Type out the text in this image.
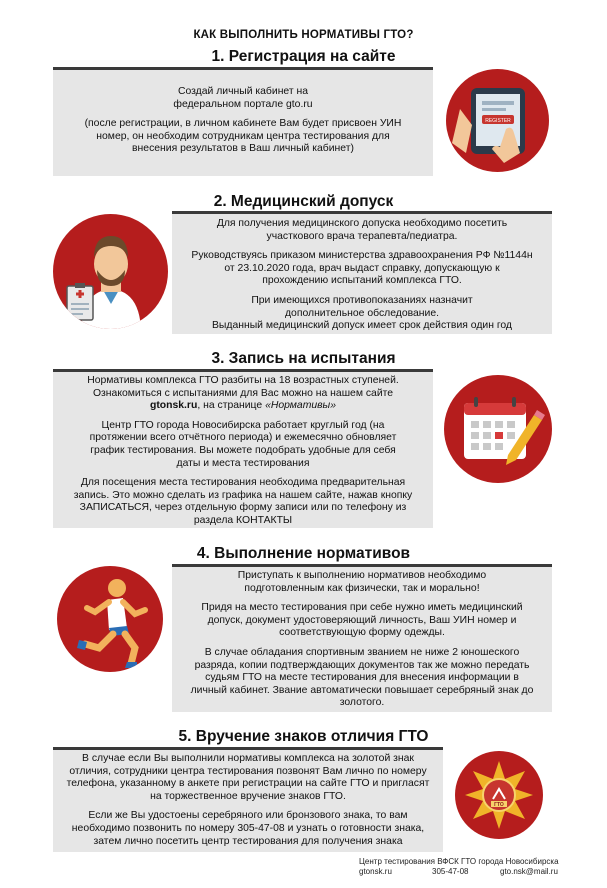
КАК ВЫПОЛНИТЬ НОРМАТИВЫ ГТО?
1. Регистрация на сайте

Создай личный кабинет на федеральном портале gto.ru

(после регистрации, в личном кабинете Вам будет присвоен УИН номер, он необходим сотрудникам центра тестирования для внесения результатов в Ваш личный кабинет)

REGISTER
2. Медицинский допуск

Для получения медицинского допуска необходимо посетить участкового врача терапевта/педиатра.

Руководствуясь приказом министерства здравоохранения РФ №1144н от 23.10.2020 года, врач выдаст справку, допускающую к прохождению испытаний комплекса ГТО.

При имеющихся противопоказаниях назначит дополнительное обследование.

Выданный медицинский допуск имеет срок действия один год

3. Запись на испытания

Нормативы комплекса ГТО разбиты на 18 возрастных ступеней. Ознакомиться с испытаниями для Вас можно на нашем сайте gtonsk.ru, на странице «Нормативы»

Центр ГТО города Новосибирска работает круглый год (на протяжении всего отчётного периода) и ежемесячно обновляет график тестирования. Вы можете подобрать удобные для себя даты и места тестирования

Для посещения места тестирования необходима предварительная запись. Это можно сделать из графика на нашем сайте, нажав кнопку ЗАПИСАТЬСЯ, через отдельную форму записи или по телефону из раздела КОНТАКТЫ

4. Выполнение нормативов

Приступать к выполнению нормативов необходимо подготовленным как физически, так и морально!

Придя на место тестирования при себе нужно иметь медицинский допуск, документ удостоверяющий личность, Ваш УИН номер и соответствующую форму одежды.

В случае обладания спортивным званием не ниже 2 юношеского разряда, копии подтверждающих документов так же можно передать судьям ГТО на месте тестирования для внесения информации в личный кабинет. Звание автоматически повышает серебряный знак до золотого.

5. Вручение знаков отличия ГТО

В случае если Вы выполнили нормативы комплекса на золотой знак отличия, сотрудники центра тестирования позвонят Вам лично по номеру телефона, указанному в анкете при регистрации на сайте ГТО и пригласят на торжественное вручение знаков ГТО.

Если же Вы удостоены серебряного или бронзового знака, то вам необходимо позвонить по номеру 305-47-08 и узнать о готовности знака, затем лично посетить центр тестирования для получения знака

ГТО
Центр тестирования ВФСК ГТО города Новосибирска
gtonsk.ru	305-47-08	gto.nsk@mail.ru
